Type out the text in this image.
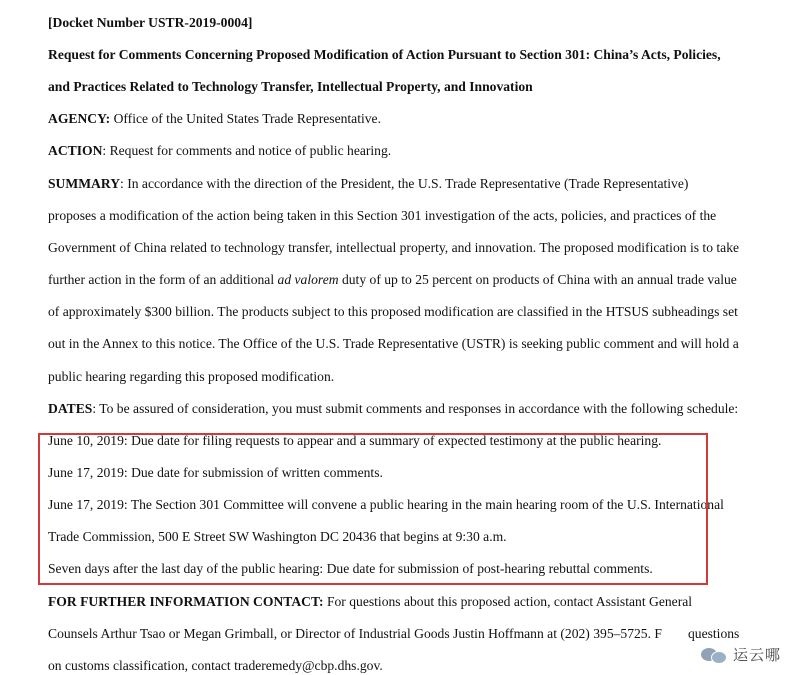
[Docket Number USTR-2019-0004]
Request for Comments Concerning Proposed Modification of Action Pursuant to Section 301: China’s Acts, Policies,
and Practices Related to Technology Transfer, Intellectual Property, and Innovation
AGENCY: Office of the United States Trade Representative.
ACTION: Request for comments and notice of public hearing.
SUMMARY: In accordance with the direction of the President, the U.S. Trade Representative (Trade Representative)
proposes a modification of the action being taken in this Section 301 investigation of the acts, policies, and practices of the
Government of China related to technology transfer, intellectual property, and innovation. The proposed modification is to take
further action in the form of an additional ad valorem duty of up to 25 percent on products of China with an annual trade value
of approximately $300 billion. The products subject to this proposed modification are classified in the HTSUS subheadings set
out in the Annex to this notice. The Office of the U.S. Trade Representative (USTR) is seeking public comment and will hold a
public hearing regarding this proposed modification.
DATES: To be assured of consideration, you must submit comments and responses in accordance with the following schedule:
June 10, 2019: Due date for filing requests to appear and a summary of expected testimony at the public hearing.
June 17, 2019: Due date for submission of written comments.
June 17, 2019: The Section 301 Committee will convene a public hearing in the main hearing room of the U.S. International
Trade Commission, 500 E Street SW Washington DC 20436 that begins at 9:30 a.m.
Seven days after the last day of the public hearing: Due date for submission of post-hearing rebuttal comments.
FOR FURTHER INFORMATION CONTACT: For questions about this proposed action, contact Assistant General
Counsels Arthur Tsao or Megan Grimball, or Director of Industrial Goods Justin Hoffmann at (202) 395–5725. F questions
on customs classification, contact traderemedy@cbp.dhs.gov.
运云哪
